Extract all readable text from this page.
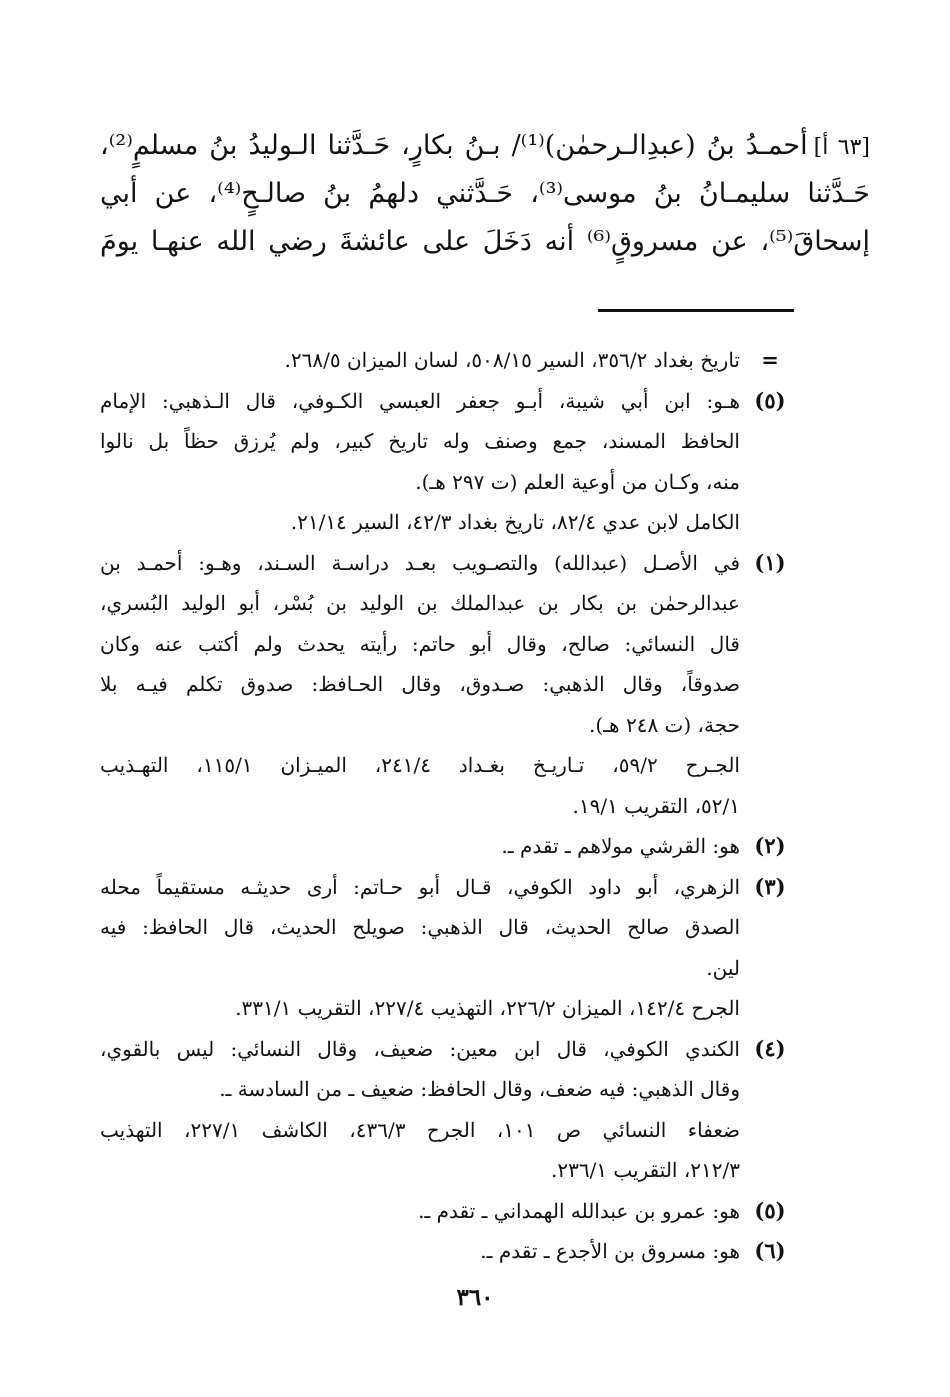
[٦٣ أ]أحمـدُ بنُ (عبدِالـرحمٰن)⁽¹⁾/ بـنُ بكارٍ، حَـدَّثنا الـوليدُ بنُ مسلمٍ⁽²⁾،
حَـدَّثنا سليمـانُ بنُ موسى⁽³⁾، حَـدَّثني دلهمُ بنُ صالـحٍ⁽⁴⁾، عن أبي
إسحاقَ⁽⁵⁾، عن مسروقٍ⁽⁶⁾ أنه دَخَلَ على عائشةَ رضي الله عنهـا يومَ
=
تاريخ بغداد ٣٥٦/٢، السير ٥٠٨/١٥، لسان الميزان ٢٦٨/٥.
(٥)
هـو: ابن أبي شيبة، أبـو جعفر العبسي الكـوفي، قال الـذهبي: الإمام
الحافظ المسند، جمع وصنف وله تاريخ كبير، ولم يُرزق حظاً بل نالوا
منه، وكـان من أوعية العلم (ت ٢٩٧ هـ).
الكامل لابن عدي ٨٢/٤، تاريخ بغداد ٤٢/٣، السير ٢١/١٤.
(١)
في الأصـل (عبدالله) والتصـويب بعـد دراسـة السـند، وهـو: أحمـد بن
عبدالرحمٰن بن بكار بن عبدالملك بن الوليد بن بُسْر، أبو الوليد البُسري،
قال النسائي: صالح، وقال أبو حاتم: رأيته يحدث ولم أكتب عنه وكان
صدوقاً، وقال الذهبي: صـدوق، وقال الحـافظ: صدوق تكلم فيـه بلا
حجة، (ت ٢٤٨ هـ).
الجـرح ٥٩/٢، تـاريـخ بغـداد ٢٤١/٤، الميـزان ١١٥/١، التهـذيب
٥٢/١، التقريب ١٩/١.
(٢)
هو: القرشي مولاهم ـ تقدم ـ.
(٣)
الزهري، أبو داود الكوفي، قـال أبو حـاتم: أرى حديثـه مستقيماً محله
الصدق صالح الحديث، قال الذهبي: صويلح الحديث، قال الحافظ: فيه
لين.
الجرح ١٤٢/٤، الميزان ٢٢٦/٢، التهذيب ٢٢٧/٤، التقريب ٣٣١/١.
(٤)
الكندي الكوفي، قال ابن معين: ضعيف، وقال النسائي: ليس بالقوي،
وقال الذهبي: فيه ضعف، وقال الحافظ: ضعيف ـ من السادسة ـ.
ضعفاء النسائي ص ١٠١، الجرح ٤٣٦/٣، الكاشف ٢٢٧/١، التهذيب
٢١٢/٣، التقريب ٢٣٦/١.
(٥)
هو: عمرو بن عبدالله الهمداني ـ تقدم ـ.
(٦)
هو: مسروق بن الأجدع ـ تقدم ـ.
٣٦٠
